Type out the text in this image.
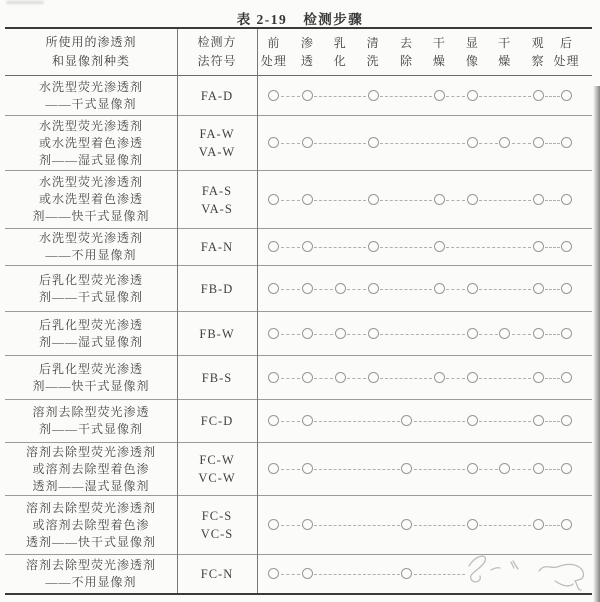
表 2-19 检测步骤
所使用的渗透剂
和显像剂种类
检测方
法符号
前
处理
渗
透
乳
化
清
洗
去
除
干
燥
显
像
干
燥
观
察
后
处理
水洗型荧光渗透剂
——干式显像剂
FA-D
水洗型荧光渗透剂
或水洗型着色渗透
剂——湿式显像剂
FA-W
VA-W
水洗型荧光渗透剂
或水洗型着色渗透
剂——快干式显像剂
FA-S
VA-S
水洗型荧光渗透剂
——不用显像剂
FA-N
后乳化型荧光渗透
剂——干式显像剂
FB-D
后乳化型荧光渗透
剂——湿式显像剂
FB-W
后乳化型荧光渗透
剂——快干式显像剂
FB-S
溶剂去除型荧光渗透
剂——干式显像剂
FC-D
溶剂去除型荧光渗透剂
或溶剂去除型着色渗
透剂——湿式显像剂
FC-W
VC-W
溶剂去除型荧光渗透剂
或溶剂去除型着色渗
透剂——快干式显像剂
FC-S
VC-S
溶剂去除型荧光渗透剂
——不用显像剂
FC-N
